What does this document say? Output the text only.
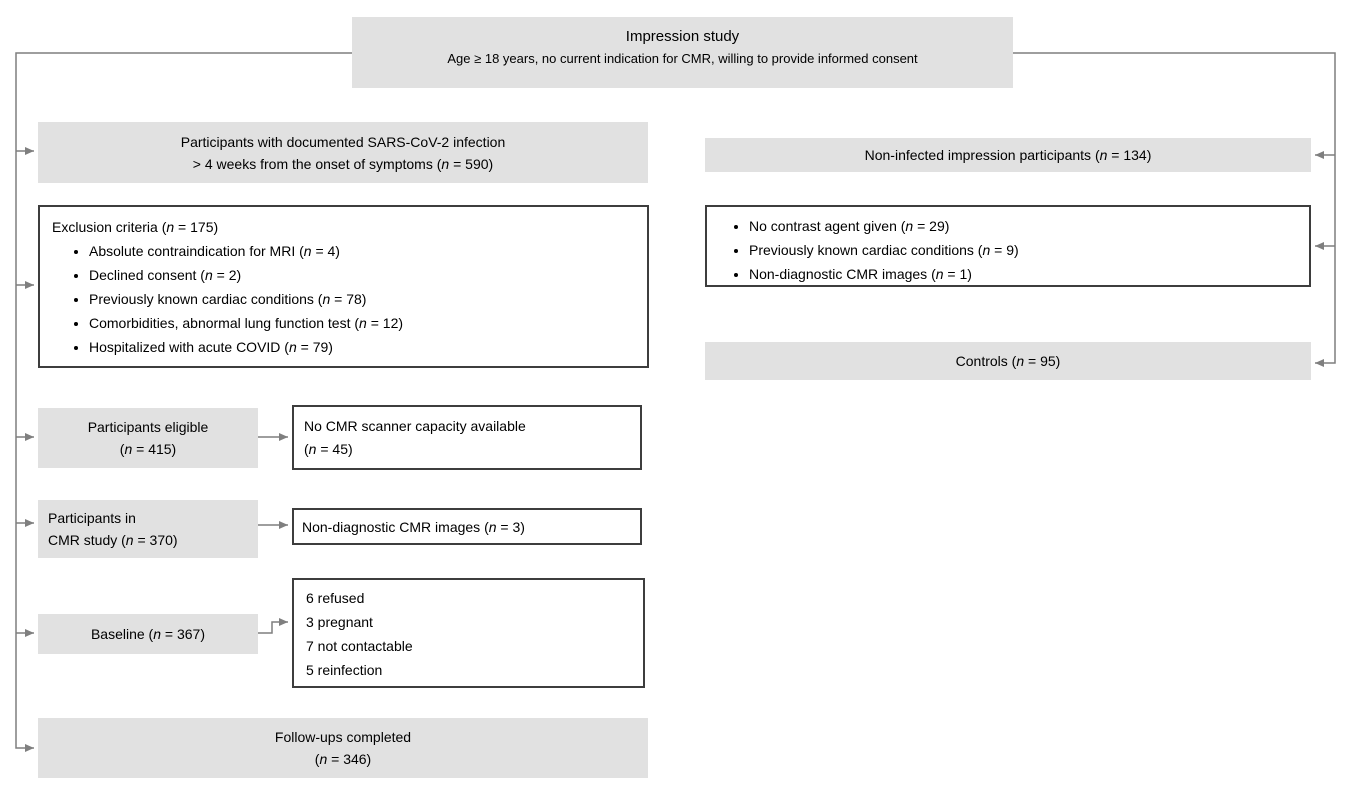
Impression study
Age ≥ 18 years, no current indication for CMR, willing to provide informed consent
Participants with documented SARS-CoV-2 infection
> 4 weeks from the onset of symptoms (n = 590)
Exclusion criteria (n = 175)
• Absolute contraindication for MRI (n = 4)
• Declined consent (n = 2)
• Previously known cardiac conditions (n = 78)
• Comorbidities, abnormal lung function test (n = 12)
• Hospitalized with acute COVID (n = 79)
Participants eligible
(n = 415)
No CMR scanner capacity available
(n = 45)
Participants in
CMR study (n = 370)
Non-diagnostic CMR images (n = 3)
Baseline (n = 367)
6 refused
3 pregnant
7 not contactable
5 reinfection
Follow-ups completed
(n = 346)
Non-infected impression participants (n = 134)
• No contrast agent given (n = 29)
• Previously known cardiac conditions (n = 9)
• Non-diagnostic CMR images (n = 1)
Controls (n = 95)
